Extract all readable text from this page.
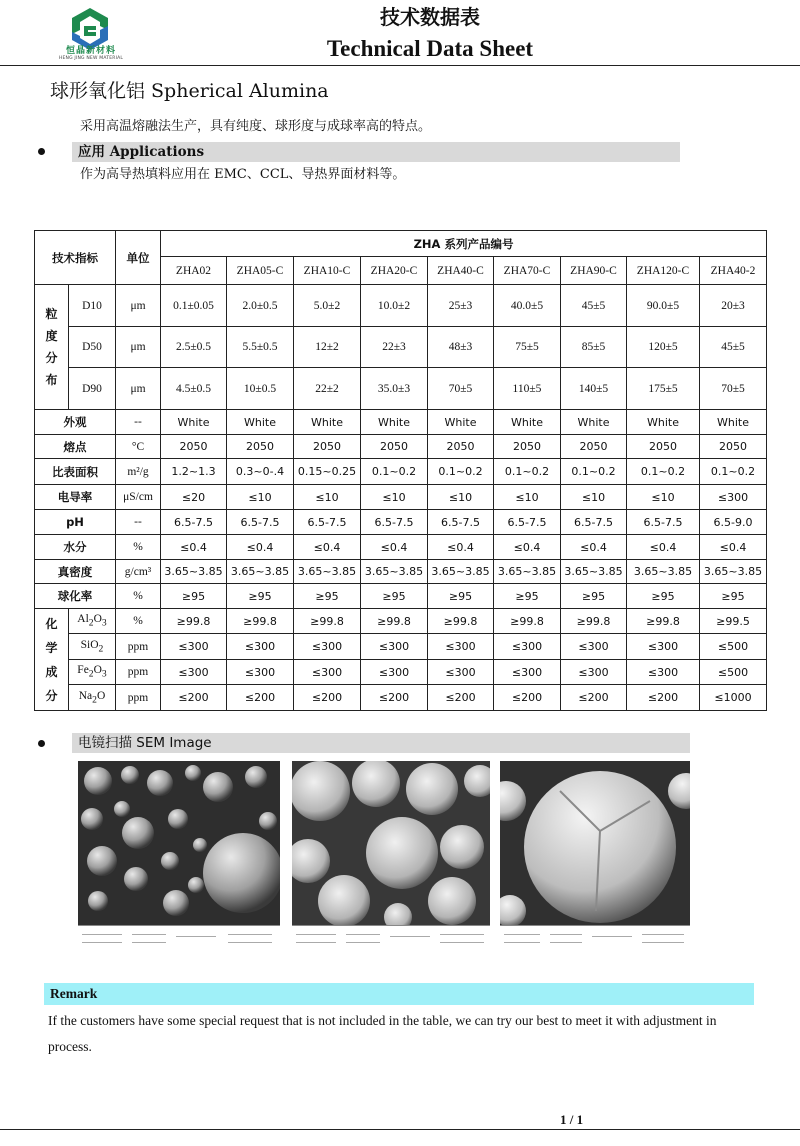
恒晶新材料
HENG JING NEW MATERIAL
技术数据表
Technical Data Sheet
球形氧化铝 Spherical Alumina
采用高温熔融法生产，具有纯度、球形度与成球率高的特点。
应用 Applications
作为高导热填料应用在 EMC、CCL、导热界面材料等。
技术指标		单位	ZHA 系列产品编号								
			ZHA02	ZHA05-C	ZHA10-C	ZHA20-C	ZHA40-C	ZHA70-C	ZHA90-C	ZHA120-C	ZHA40-2

粒
度
分
布	D10	μm	0.1±0.05	2.0±0.5	5.0±2	10.0±2	25±3	40.0±5	45±5	90.0±5	20±3
	D50	μm	2.5±0.5	5.5±0.5	12±2	22±3	48±3	75±5	85±5	120±5	45±5
	D90	μm	4.5±0.5	10±0.5	22±2	35.0±3	70±5	110±5	140±5	175±5	70±5
外观		--	White	White	White	White	White	White	White	White	White
熔点		°C	2050	2050	2050	2050	2050	2050	2050	2050	2050
比表面积		m²/g	1.2~1.3	0.3~0-.4	0.15~0.25	0.1~0.2	0.1~0.2	0.1~0.2	0.1~0.2	0.1~0.2	0.1~0.2
电导率		μS/cm	≤20	≤10	≤10	≤10	≤10	≤10	≤10	≤10	≤300
pH		--	6.5-7.5	6.5-7.5	6.5-7.5	6.5-7.5	6.5-7.5	6.5-7.5	6.5-7.5	6.5-7.5	6.5-9.0
水分		%	≤0.4	≤0.4	≤0.4	≤0.4	≤0.4	≤0.4	≤0.4	≤0.4	≤0.4
真密度		g/cm³	3.65~3.85	3.65~3.85	3.65~3.85	3.65~3.85	3.65~3.85	3.65~3.85	3.65~3.85	3.65~3.85	3.65~3.85
球化率		%	≥95	≥95	≥95	≥95	≥95	≥95	≥95	≥95	≥95

化
学
成
分	$Al_2O_3$	%	≥99.8	≥99.8	≥99.8	≥99.8	≥99.8	≥99.8	≥99.8	≥99.8	≥99.5
	SiO$_2$	ppm	≤300	≤300	≤300	≤300	≤300	≤300	≤300	≤300	≤500
	$Fe_2O_3$	ppm	≤300	≤300	≤300	≤300	≤300	≤300	≤300	≤300	≤500
	$Na_2O$	ppm	≤200	≤200	≤200	≤200	≤200	≤200	≤200	≤200	≤1000
电镜扫描 SEM Image
Remark
If the customers have some special request that is not included in the table, we can try our best to meet it with adjustment in process.
1 / 1
